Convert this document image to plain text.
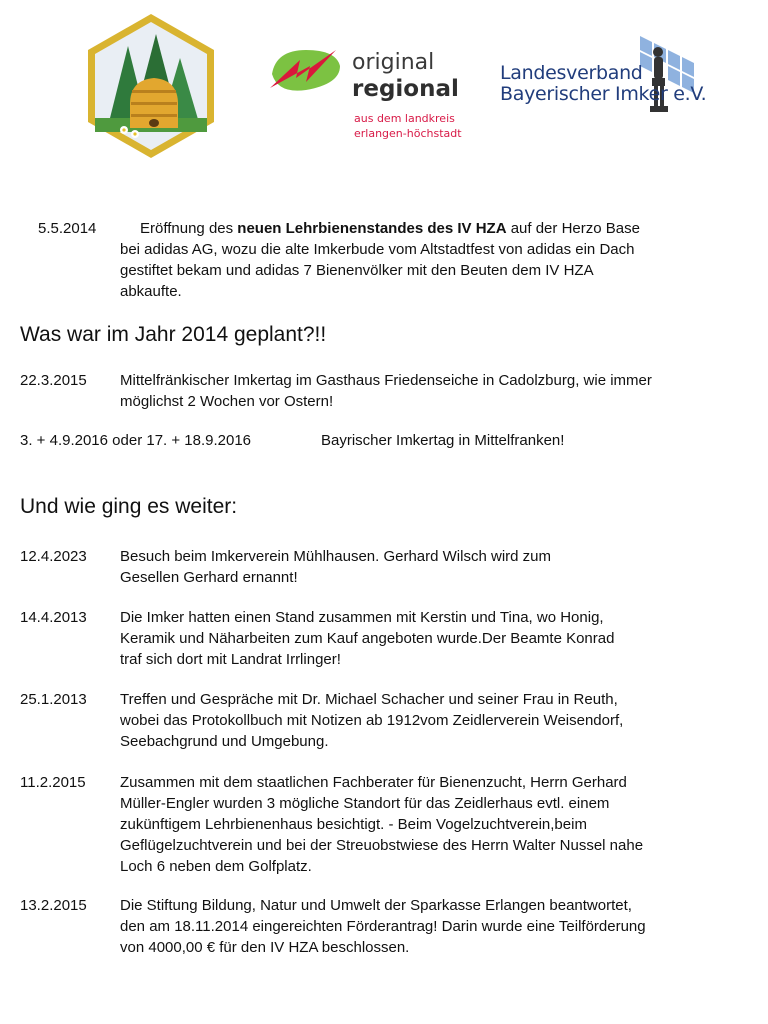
original
regional
aus dem landkreis
erlangen-höchstadt
Landesverband
Bayerischer Imker e.V.
5.5.2014	Eröffnung des neuen Lehrbienenstandes des IV HZA auf der Herzo Base
bei adidas AG, wozu die alte Imkerbude vom Altstadtfest von adidas ein Dach
gestiftet bekam und adidas 7 Bienenvölker mit den Beuten dem IV HZA
abkaufte.
Was war im Jahr 2014 geplant?!!
22.3.2015 Mittelfränkischer Imkertag im Gasthaus Friedenseiche in Cadolzburg, wie immer
möglichst 2 Wochen vor Ostern!
3. + 4.9.2016 oder 17. + 18.9.2016	Bayrischer Imkertag in Mittelfranken!
Und wie ging es weiter:
12.4.2023 Besuch beim Imkerverein Mühlhausen. Gerhard Wilsch wird zum
Gesellen Gerhard ernannt!
14.4.2013 Die Imker hatten einen Stand zusammen mit Kerstin und Tina, wo Honig,
Keramik und Näharbeiten zum Kauf angeboten wurde.Der Beamte Konrad
traf sich dort mit Landrat Irrlinger!
25.1.2013 Treffen und Gespräche mit Dr. Michael Schacher und seiner Frau in Reuth,
wobei das Protokollbuch mit Notizen ab 1912vom Zeidlerverein Weisendorf,
Seebachgrund und Umgebung.
11.2.2015 Zusammen mit dem staatlichen Fachberater für Bienenzucht, Herrn Gerhard
Müller-Engler wurden 3 mögliche Standort für das Zeidlerhaus evtl. einem
zukünftigem Lehrbienenhaus besichtigt. - Beim Vogelzuchtverein,beim
Geflügelzuchtverein und bei der Streuobstwiese des Herrn Walter Nussel nahe
Loch 6 neben dem Golfplatz.
13.2.2015 Die Stiftung Bildung, Natur und Umwelt der Sparkasse Erlangen beantwortet,
den am 18.11.2014 eingereichten Förderantrag! Darin wurde eine Teilförderung
von 4000,00 € für den IV HZA beschlossen.
